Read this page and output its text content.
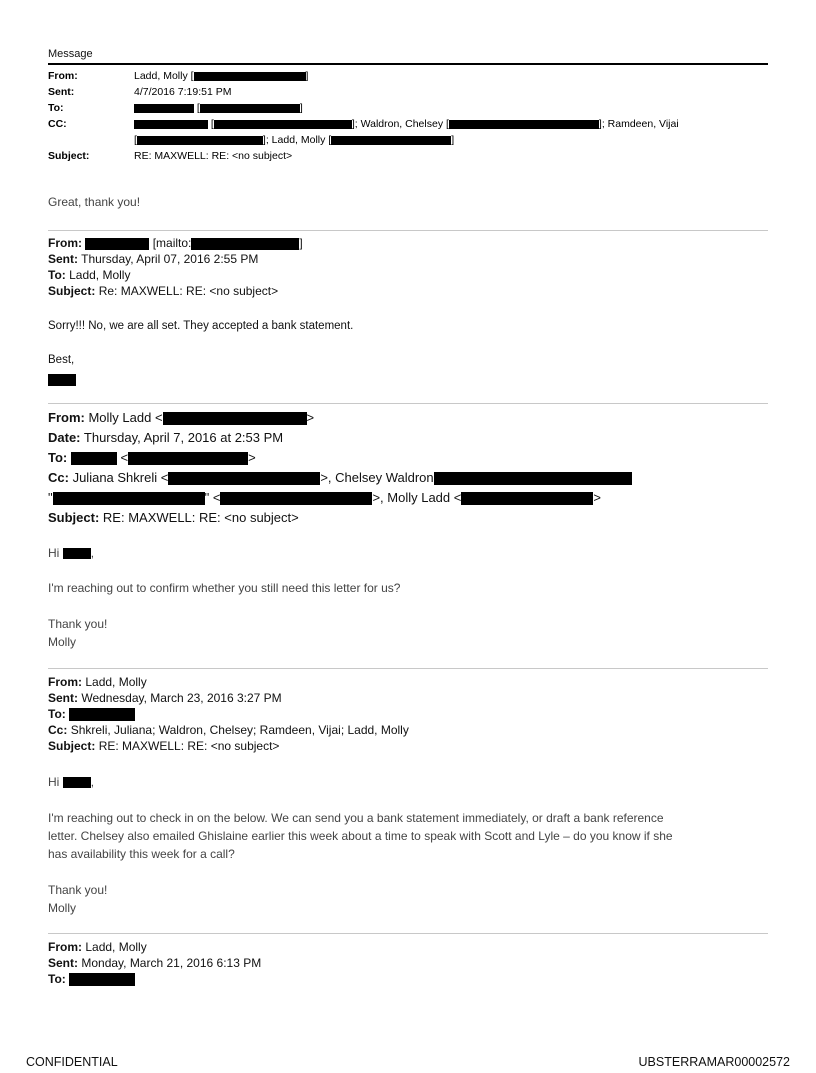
Message
From:	Ladd, Molly [	]
Sent:	4/7/2016 7:19:51 PM
To:	[	]
CC:	[	]; Waldron, Chelsey [	]; Ramdeen, Vijai
[	]; Ladd, Molly [	]
Subject:	RE: MAXWELL: RE: <no subject>
Great, thank you!
From:	[mailto:	]
Sent: Thursday, April 07, 2016 2:55 PM
To: Ladd, Molly
Subject: Re: MAXWELL: RE: <no subject>
Sorry!!! No, we are all set. They accepted a bank statement.
Best,
From: Molly Ladd <	>
Date: Thursday, April 7, 2016 at 2:53 PM
To:	<	>
Cc: Juliana Shkreli <	>, Chelsey Waldron
"	" <	>, Molly Ladd <	>
Subject: RE: MAXWELL: RE: <no subject>
Hi	,
I'm reaching out to confirm whether you still need this letter for us?
Thank you!
Molly
From: Ladd, Molly
Sent: Wednesday, March 23, 2016 3:27 PM
To:
Cc: Shkreli, Juliana; Waldron, Chelsey; Ramdeen, Vijai; Ladd, Molly
Subject: RE: MAXWELL: RE: <no subject>
Hi	,
I'm reaching out to check in on the below. We can send you a bank statement immediately, or draft a bank reference
letter. Chelsey also emailed Ghislaine earlier this week about a time to speak with Scott and Lyle – do you know if she
has availability this week for a call?
Thank you!
Molly
From: Ladd, Molly
Sent: Monday, March 21, 2016 6:13 PM
To:
CONFIDENTIAL	UBSTERRAMAR00002572
